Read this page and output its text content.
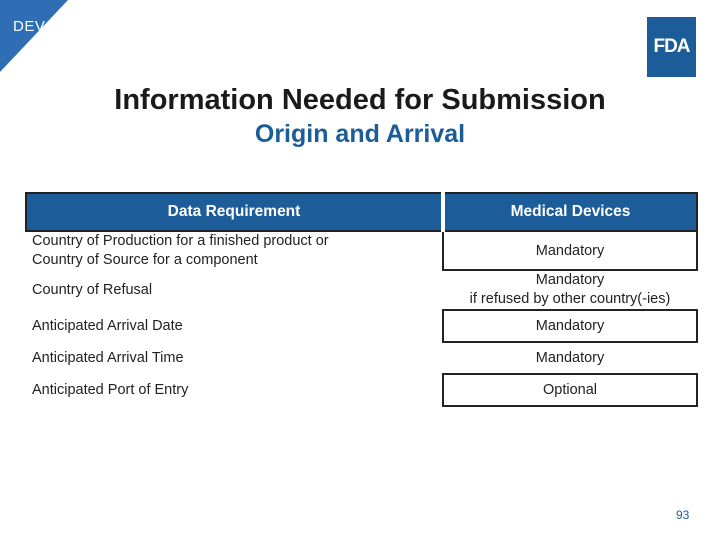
DEV
FDA
Information Needed for Submission
Origin and Arrival
Data Requirement	Medical Devices

Country of Production for a finished product or
Country of Source for a component	Mandatory
Country of Refusal	Mandatory
if refused by other country(-ies)

Anticipated Arrival Date	Mandatory
Anticipated Arrival Time	Mandatory
Anticipated Port of Entry	Optional
93
